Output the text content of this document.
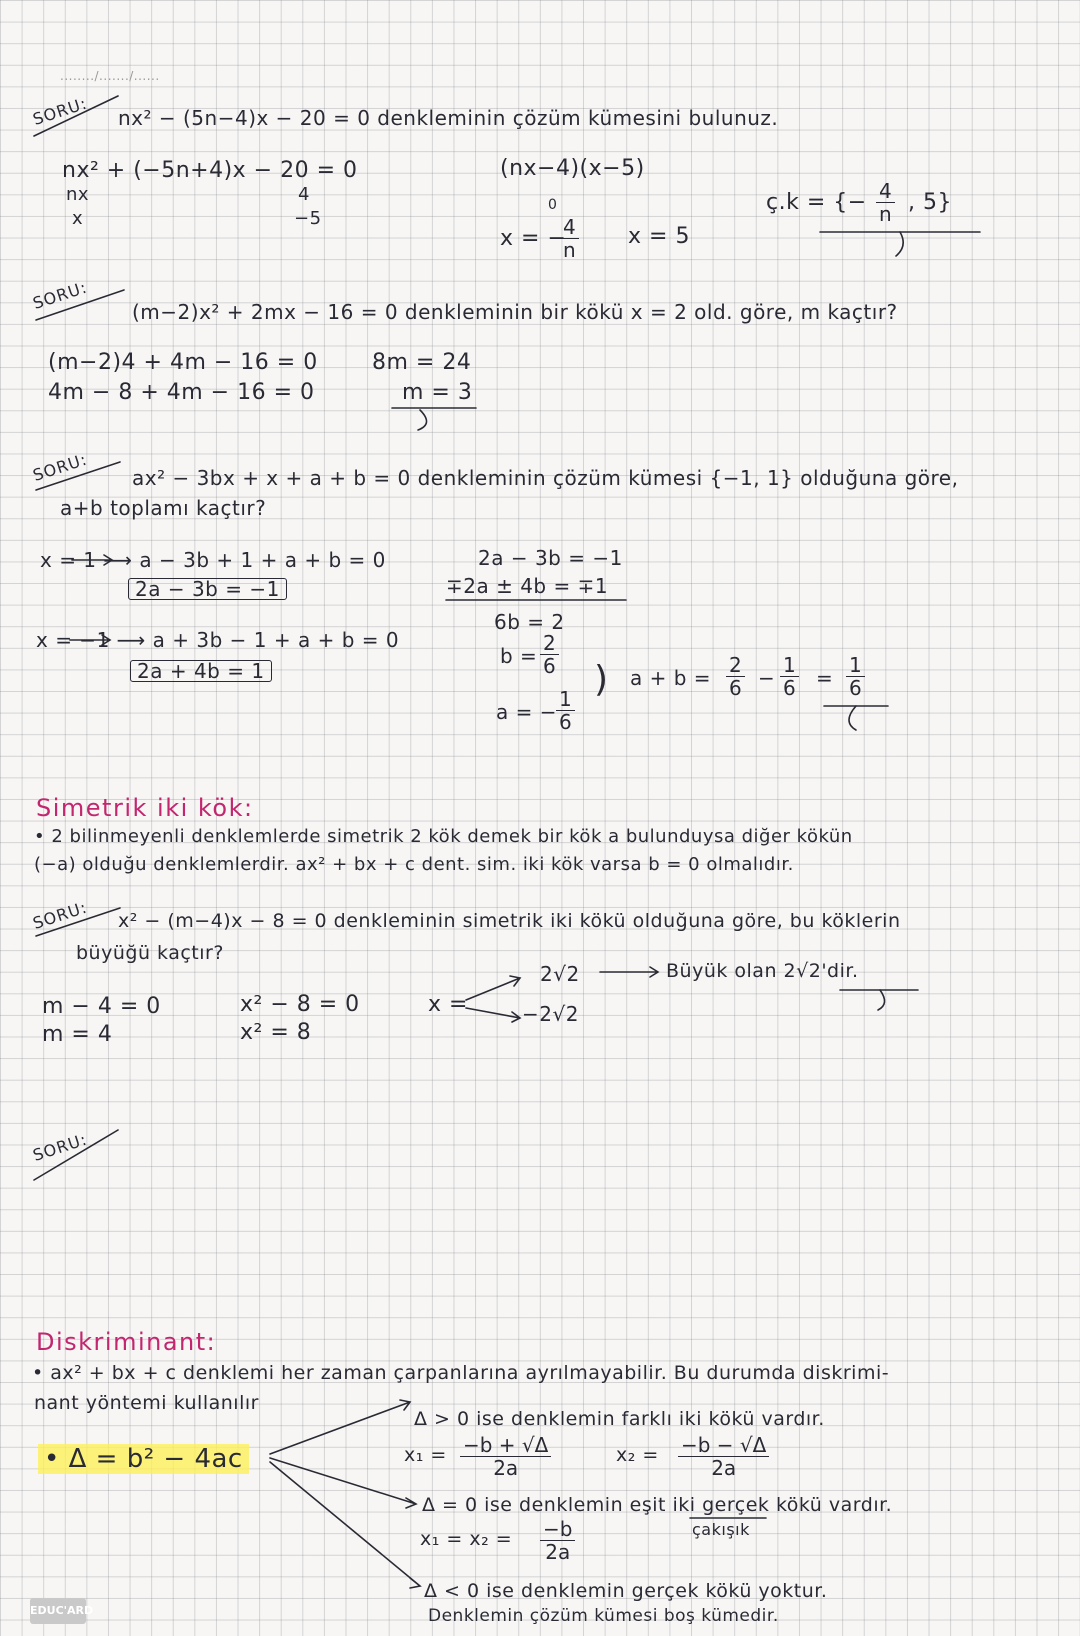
......../......./......
SORU: nx² − (5n−4)x − 20 = 0 denkleminin çözüm kümesini bulunuz.
nx² + (−5n+4)x − 20 = 0
nx	4
x	−5
(nx−4)(x−5)
0
x = −
$\frac{4}{n}$ x = 5
ç.k = {− $\frac{4}{n}$ , 5}
SORU: (m−2)x² + 2mx − 16 = 0 denkleminin bir kökü x = 2 old. göre, m kaçtır?
(m−2)4 + 4m − 16 = 0
4m − 8 + 4m − 16 = 0
8m = 24
m = 3
SORU: ax² − 3bx + x + a + b = 0 denkleminin çözüm kümesi {−1, 1} olduğuna göre,
a+b toplamı kaçtır?
x = 1 ⟶ a − 3b + 1 + a + b = 0
2a − 3b = −1
x = −1 ⟶ a + 3b − 1 + a + b = 0
2a + 4b = 1
2a − 3b = −1
∓2a ± 4b = ∓1
6b = 2
$b = \frac{2}{6}$
a = − $\frac{1}{6}$
) $a + b = \frac{2}{6} - \frac{1}{6} = \frac{1}{6}$
Simetrik iki kök:
• 2 bilinmeyenli denklemlerde simetrik 2 kök demek bir kök a bulunduysa diğer kökün
(−a) olduğu denklemlerdir. ax² + bx + c dent. sim. iki kök varsa b = 0 olmalıdır.
SORU: x² − (m−4)x − 8 = 0 denkleminin simetrik iki kökü olduğuna göre, bu köklerin
büyüğü kaçtır?
m − 4 = 0
m = 4
x² − 8 = 0
x² = 8
x =
2√2
−2√2
Büyük olan 2√2'dir.
SORU:
Diskriminant:
• ax² + bx + c denklemi her zaman çarpanlarına ayrılmayabilir. Bu durumda diskrimi-
nant yöntemi kullanılır
• Δ = b² − 4ac
Δ > 0 ise denklemin farklı iki kökü vardır.
$x_1 = \frac{-b + √\Delta}{2a}$	$x_2 = \frac{-b - √\Delta}{2a}$
Δ = 0 ise denklemin eşit iki gerçek kökü vardır.
çakışık
$x_1 = x_2 = \frac{-b}{2a}$
Δ < 0 ise denklemin gerçek kökü yoktur.
Denklemin çözüm kümesi boş kümedir.
EDUC'ARD
